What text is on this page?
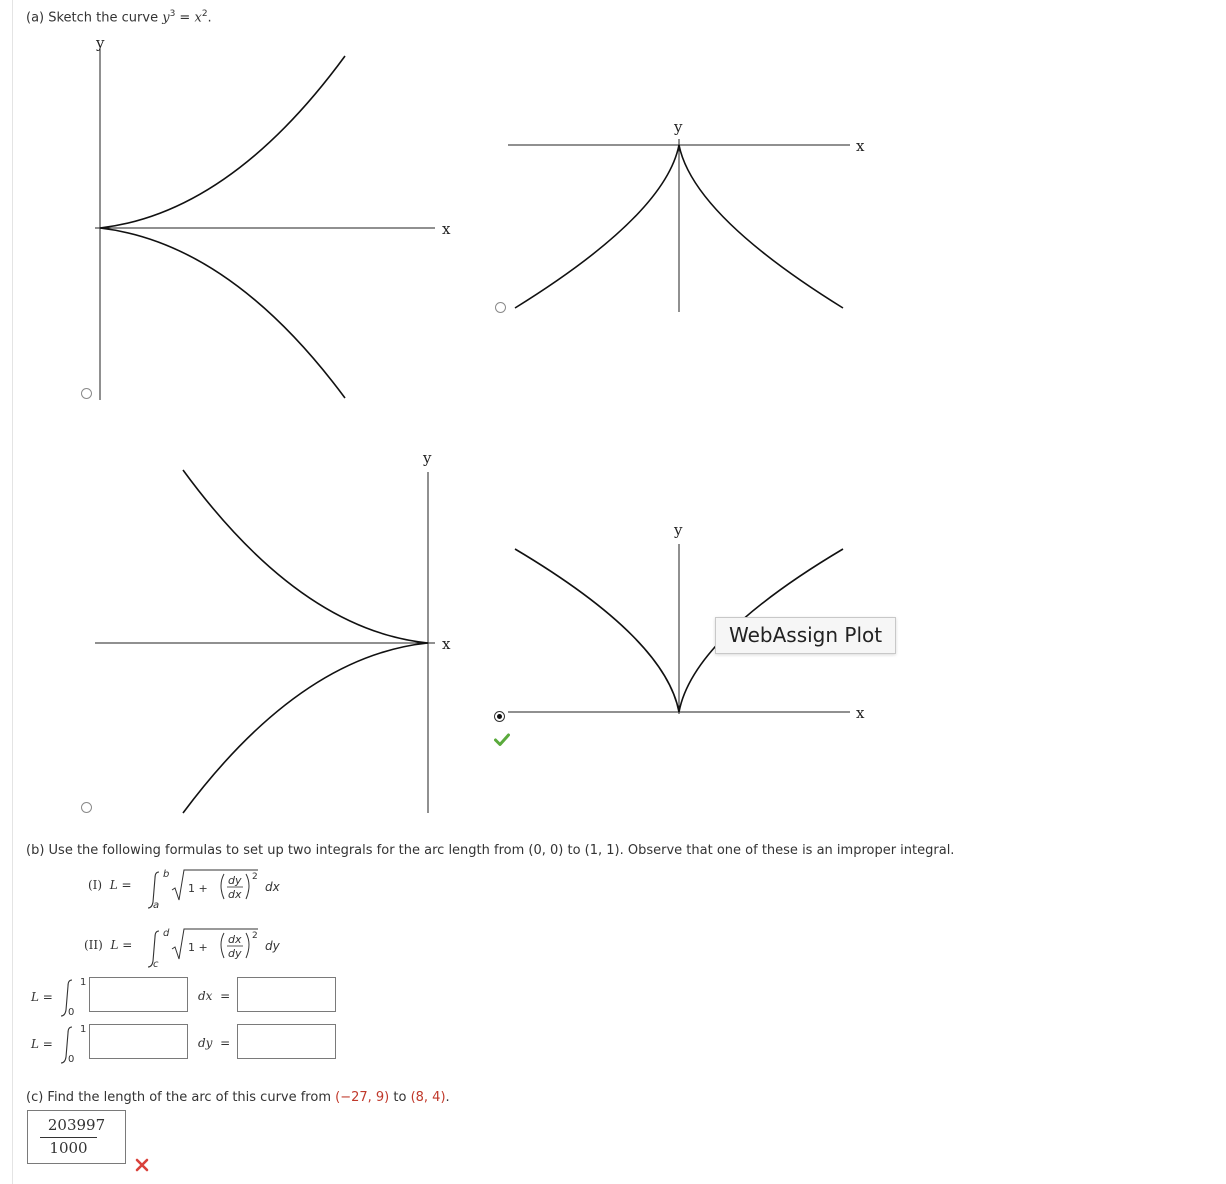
(a) Sketch the curve $y^3 = x^2$.
y
x
y
x
y
x
y
x
WebAssign Plot
(b) Use the following formulas to set up two integrals for the arc length from (0, 0) to (1, 1). Observe that one of these is an improper integral.
(I) L =
b
a
1 +
dy
dx
2
dx
(II) L =
d
c
1 +
dx
dy
2
dy
L =
1
0
dx =
L =
1
0
dy =
(c) Find the length of the arc of this curve from (−27, 9) to (8, 4).
203997
1000
